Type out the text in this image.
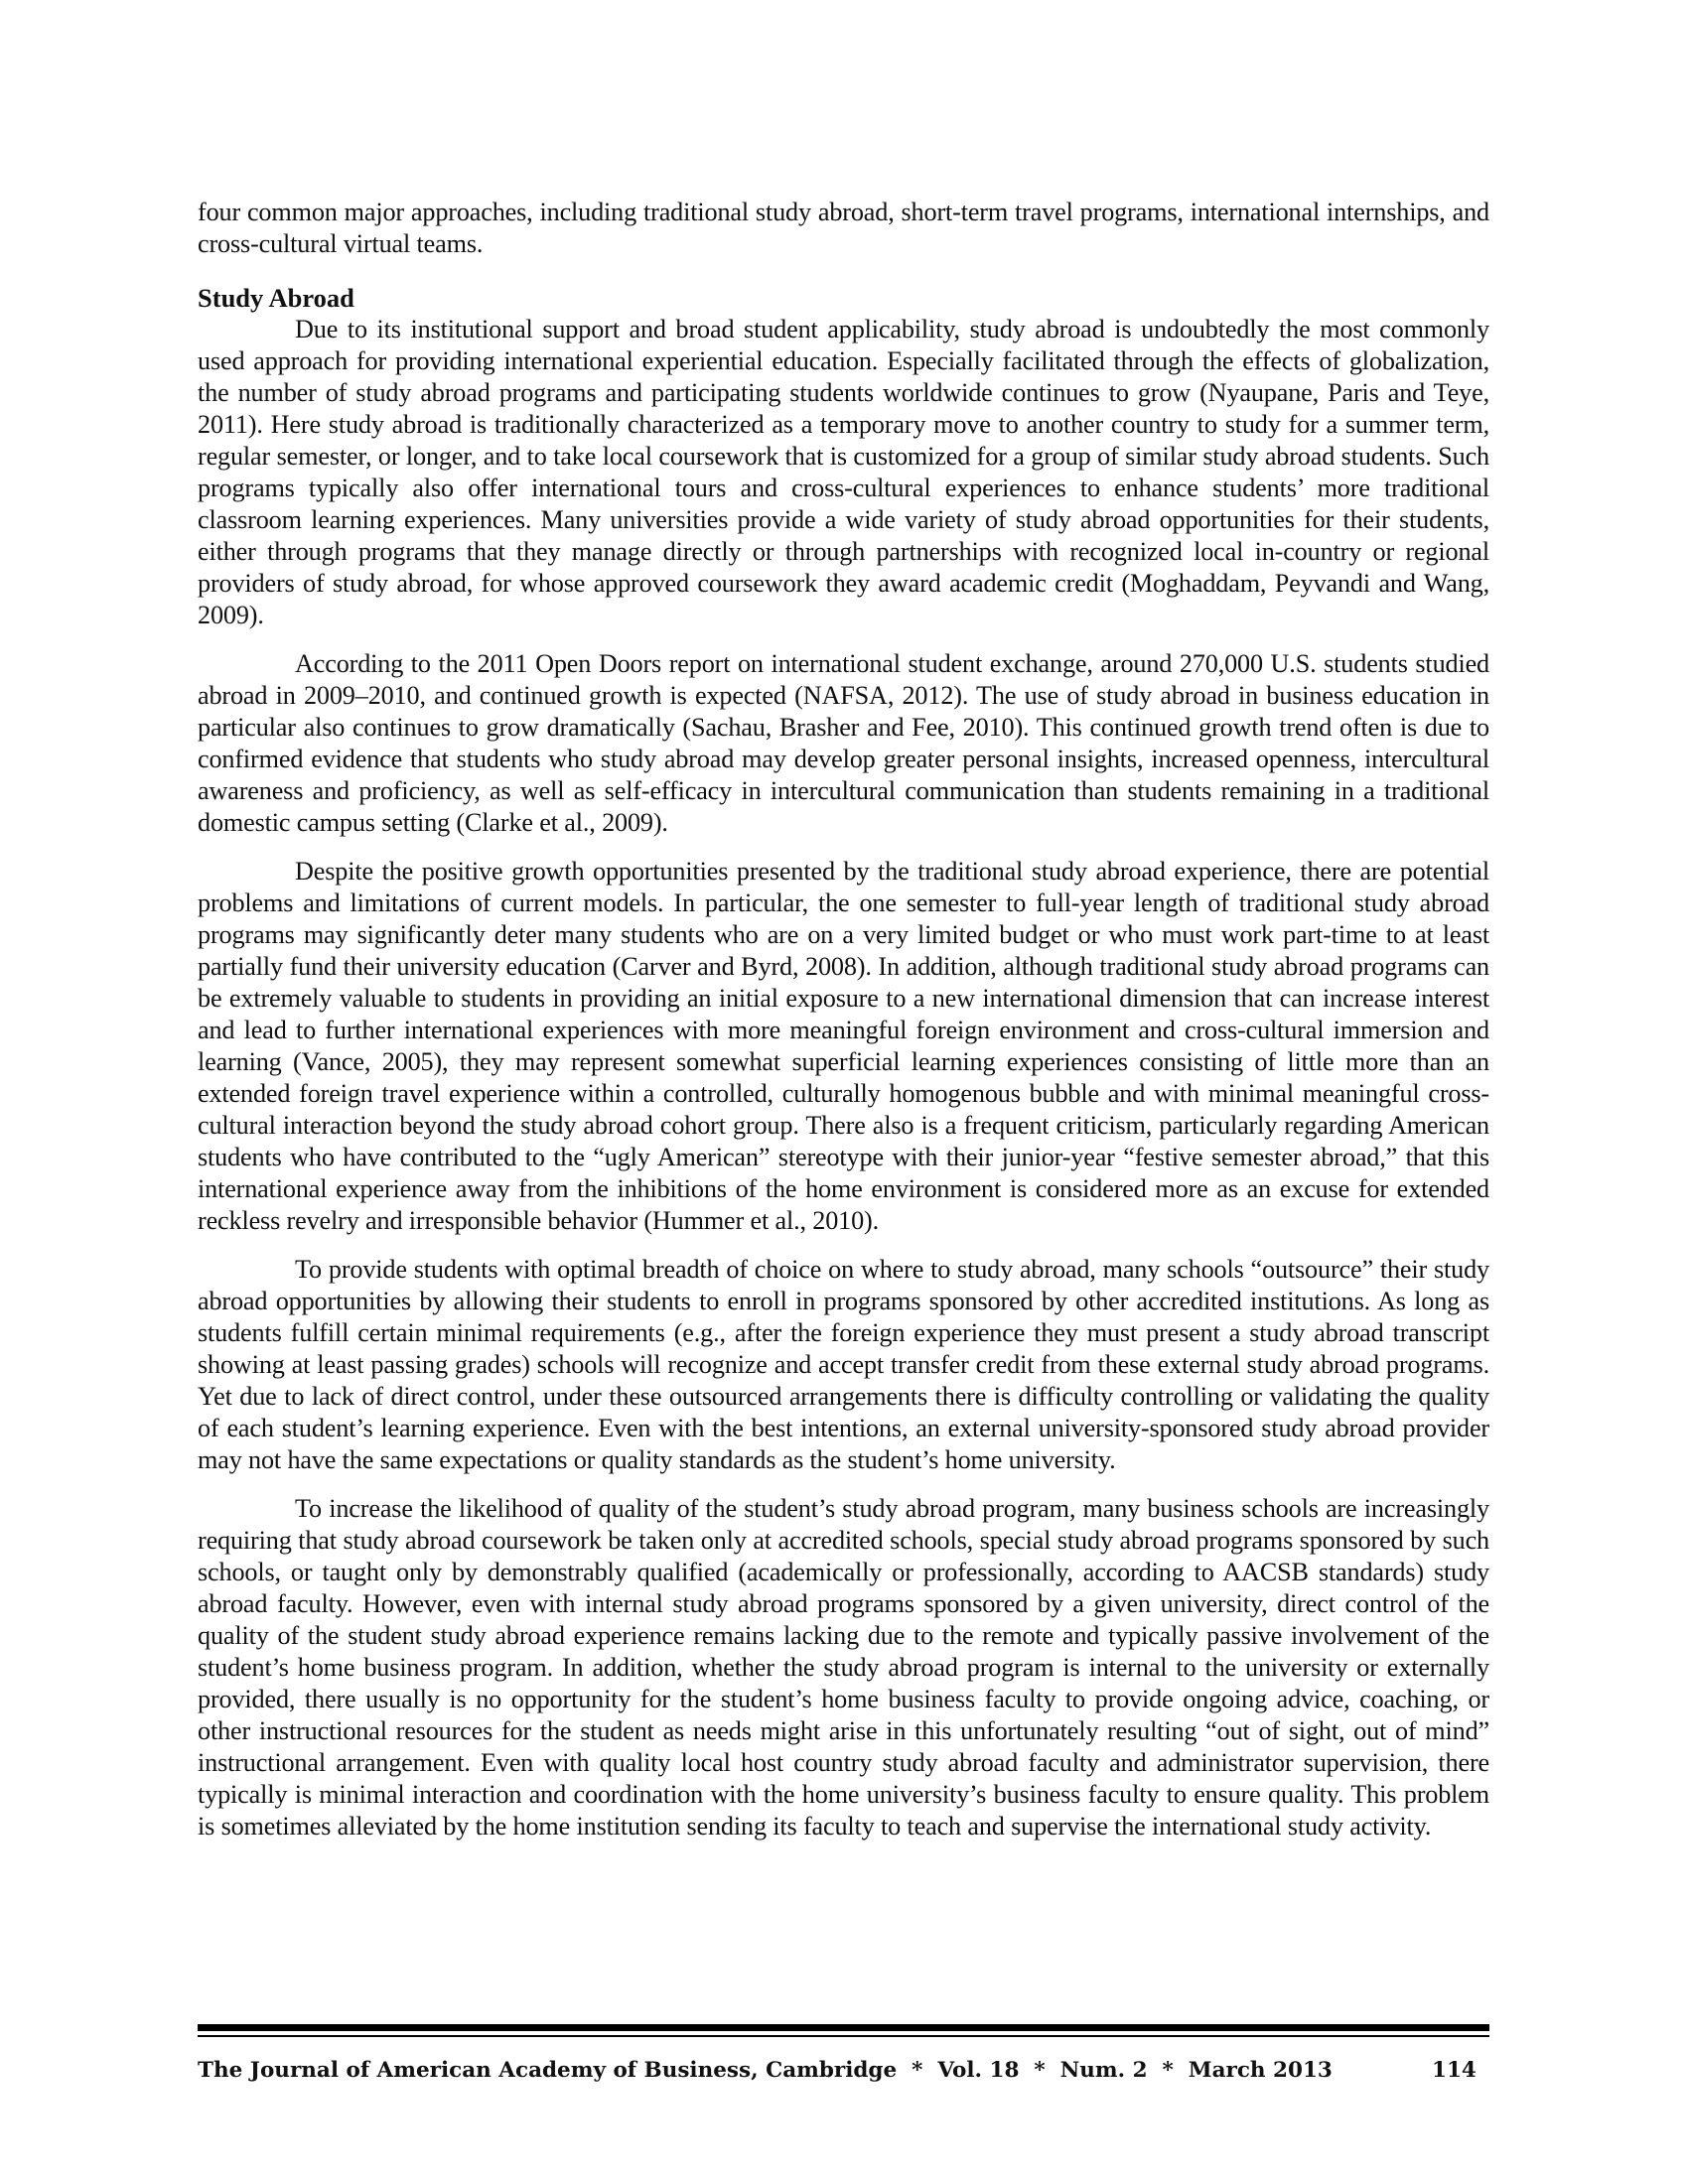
four common major approaches, including traditional study abroad, short-term travel programs, international internships, and cross-cultural virtual teams.

Study Abroad

Due to its institutional support and broad student applicability, study abroad is undoubtedly the most commonly used approach for providing international experiential education. Especially facilitated through the effects of globalization, the number of study abroad programs and participating students worldwide continues to grow (Nyaupane, Paris and Teye, 2011). Here study abroad is traditionally characterized as a temporary move to another country to study for a summer term, regular semester, or longer, and to take local coursework that is customized for a group of similar study abroad students. Such programs typically also offer international tours and cross-cultural experiences to enhance students’ more traditional classroom learning experiences. Many universities provide a wide variety of study abroad opportunities for their students, either through programs that they manage directly or through partnerships with recognized local in-country or regional providers of study abroad, for whose approved coursework they award academic credit (Moghaddam, Peyvandi and Wang, 2009).

According to the 2011 Open Doors report on international student exchange, around 270,000 U.S. students studied abroad in 2009–2010, and continued growth is expected (NAFSA, 2012). The use of study abroad in business education in particular also continues to grow dramatically (Sachau, Brasher and Fee, 2010). This continued growth trend often is due to confirmed evidence that students who study abroad may develop greater personal insights, increased openness, intercultural awareness and proficiency, as well as self-efficacy in intercultural communication than students remaining in a traditional domestic campus setting (Clarke et al., 2009).

Despite the positive growth opportunities presented by the traditional study abroad experience, there are potential problems and limitations of current models. In particular, the one semester to full-year length of traditional study abroad programs may significantly deter many students who are on a very limited budget or who must work part-time to at least partially fund their university education (Carver and Byrd, 2008). In addition, although traditional study abroad programs can be extremely valuable to students in providing an initial exposure to a new international dimension that can increase interest and lead to further international experiences with more meaningful foreign environment and cross-cultural immersion and learning (Vance, 2005), they may represent somewhat superficial learning experiences consisting of little more than an extended foreign travel experience within a controlled, culturally homogenous bubble and with minimal meaningful cross-cultural interaction beyond the study abroad cohort group. There also is a frequent criticism, particularly regarding American students who have contributed to the “ugly American” stereotype with their junior-year “festive semester abroad,” that this international experience away from the inhibitions of the home environment is considered more as an excuse for extended reckless revelry and irresponsible behavior (Hummer et al., 2010).

To provide students with optimal breadth of choice on where to study abroad, many schools “outsource” their study abroad opportunities by allowing their students to enroll in programs sponsored by other accredited institutions. As long as students fulfill certain minimal requirements (e.g., after the foreign experience they must present a study abroad transcript showing at least passing grades) schools will recognize and accept transfer credit from these external study abroad programs. Yet due to lack of direct control, under these outsourced arrangements there is difficulty controlling or validating the quality of each student’s learning experience. Even with the best intentions, an external university-sponsored study abroad provider may not have the same expectations or quality standards as the student’s home university.

To increase the likelihood of quality of the student’s study abroad program, many business schools are increasingly requiring that study abroad coursework be taken only at accredited schools, special study abroad programs sponsored by such schools, or taught only by demonstrably qualified (academically or professionally, according to AACSB standards) study abroad faculty. However, even with internal study abroad programs sponsored by a given university, direct control of the quality of the student study abroad experience remains lacking due to the remote and typically passive involvement of the student’s home business program. In addition, whether the study abroad program is internal to the university or externally provided, there usually is no opportunity for the student’s home business faculty to provide ongoing advice, coaching, or other instructional resources for the student as needs might arise in this unfortunately resulting “out of sight, out of mind” instructional arrangement. Even with quality local host country study abroad faculty and administrator supervision, there typically is minimal interaction and coordination with the home university’s business faculty to ensure quality. This problem is sometimes alleviated by the home institution sending its faculty to teach and supervise the international study activity.

The Journal of American Academy of Business, Cambridge  *  Vol. 18  *  Num. 2  *  March 2013	114
